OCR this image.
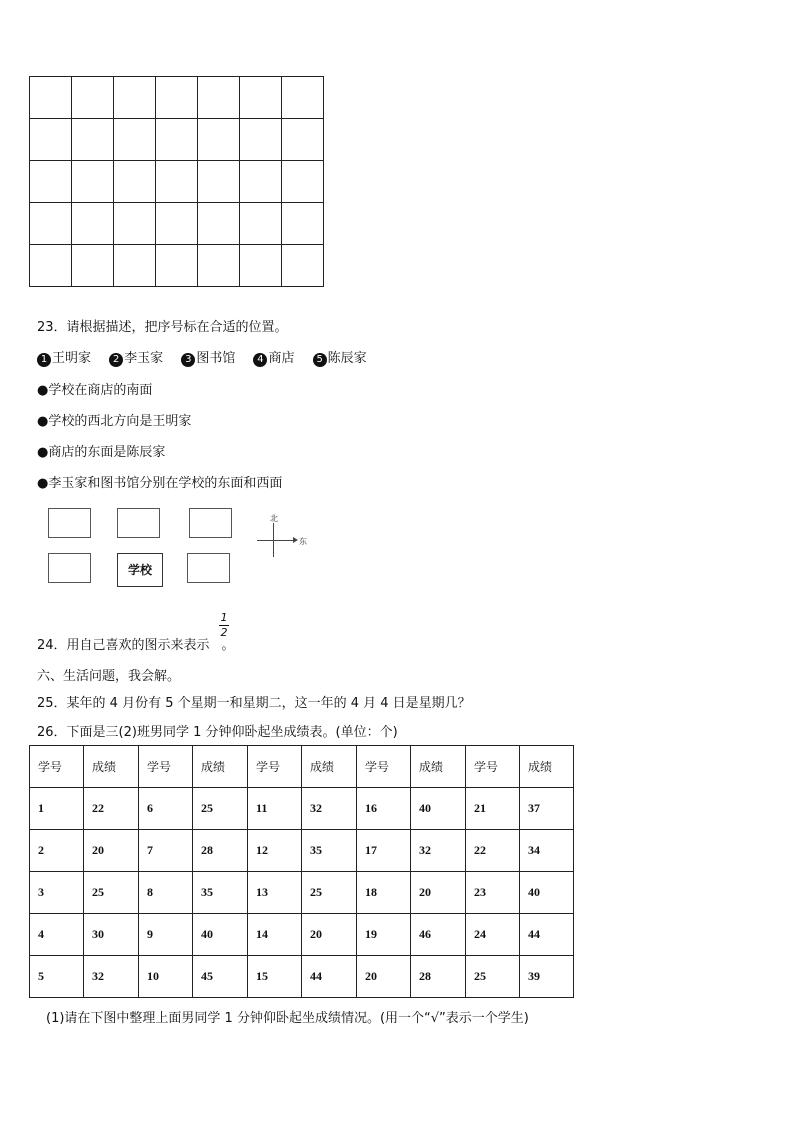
23．请根据描述，把序号标在合适的位置。
1 王明家 2 李玉家 3 图书馆 4 商店 5 陈辰家
●学校在商店的南面
●学校的西北方向是王明家
●商店的东面是陈辰家
●李玉家和图书馆分别在学校的东面和西面
学校
北
东
24．用自己喜欢的图示来表示 。
1
2
六、生活问题，我会解。
25．某年的 4 月份有 5 个星期一和星期二，这一年的 4 月 4 日是星期几？
26．下面是三(2)班男同学 1 分钟仰卧起坐成绩表。(单位：个)
学号	成绩	学号	成绩	学号	成绩	学号	成绩	学号	成绩
1	22	6	25	11	32	16	40	21	37
2	20	7	28	12	35	17	32	22	34
3	25	8	35	13	25	18	20	23	40
4	30	9	40	14	20	19	46	24	44
5	32	10	45	15	44	20	28	25	39
(1)请在下图中整理上面男同学 1 分钟仰卧起坐成绩情况。(用一个“√”表示一个学生)
